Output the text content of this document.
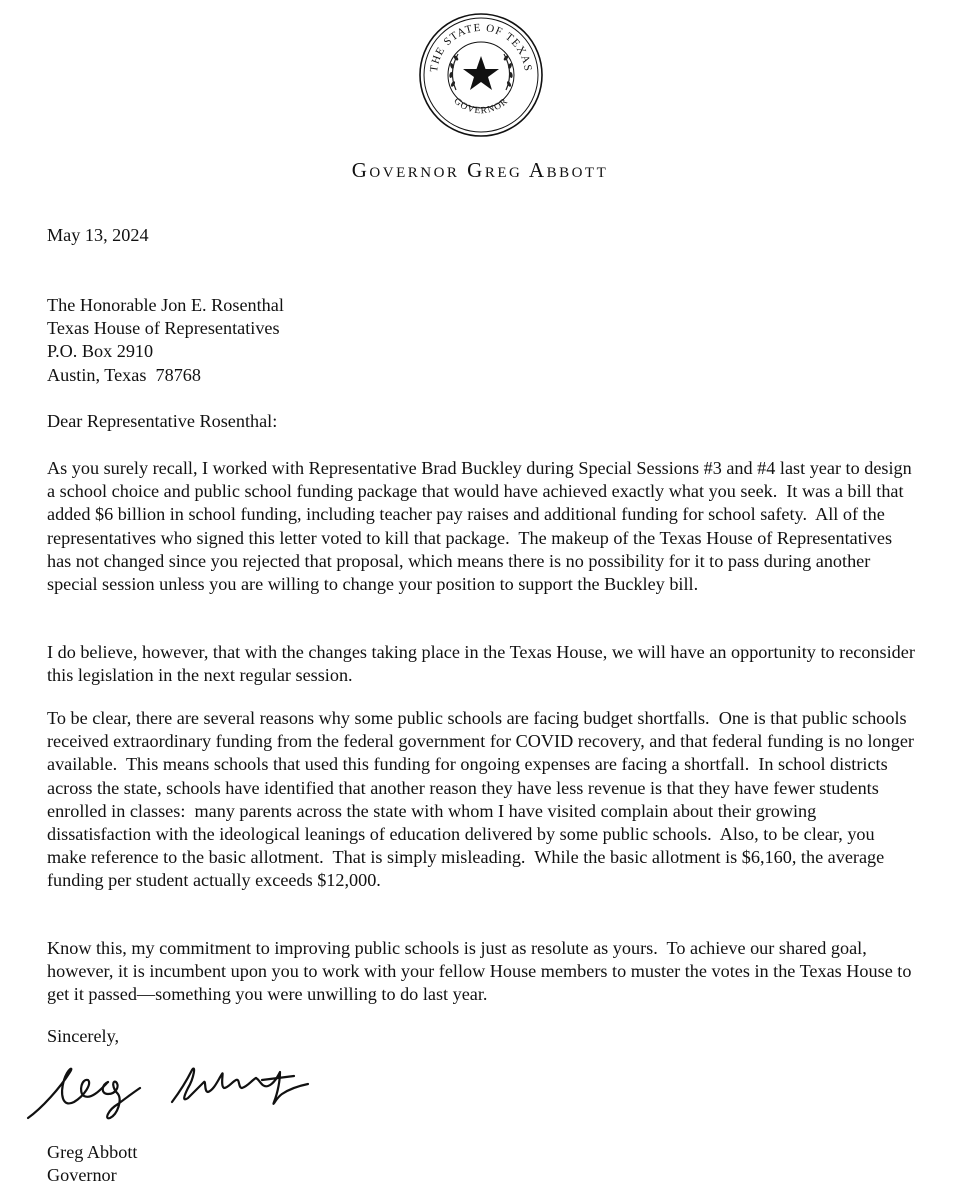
THE STATE OF TEXAS
GOVERNOR
Governor Greg Abbott
May 13, 2024

The Honorable Jon E. Rosenthal

Texas House of Representatives

P.O. Box 2910

Austin, Texas  78768

Dear Representative Rosenthal:
As you surely recall, I worked with Representative Brad Buckley during Special Sessions #3 and #4 last year to design a school choice and public school funding package that would have achieved exactly what you seek.  It was a bill that added $6 billion in school funding, including teacher pay raises and additional funding for school safety.  All of the representatives who signed this letter voted to kill that package.  The makeup of the Texas House of Representatives has not changed since you rejected that proposal, which means there is no possibility for it to pass during another special session unless you are willing to change your position to support the Buckley bill.
I do believe, however, that with the changes taking place in the Texas House, we will have an opportunity to reconsider this legislation in the next regular session.
To be clear, there are several reasons why some public schools are facing budget shortfalls.  One is that public schools received extraordinary funding from the federal government for COVID recovery, and that federal funding is no longer available.  This means schools that used this funding for ongoing expenses are facing a shortfall.  In school districts across the state, schools have identified that another reason they have less revenue is that they have fewer students enrolled in classes:  many parents across the state with whom I have visited complain about their growing dissatisfaction with the ideological leanings of education delivered by some public schools.  Also, to be clear, you make reference to the basic allotment.  That is simply misleading.  While the basic allotment is $6,160, the average funding per student actually exceeds $12,000.
Know this, my commitment to improving public schools is just as resolute as yours.  To achieve our shared goal, however, it is incumbent upon you to work with your fellow House members to muster the votes in the Texas House to get it passed—something you were unwilling to do last year.
Sincerely,

Greg Abbott

Governor
